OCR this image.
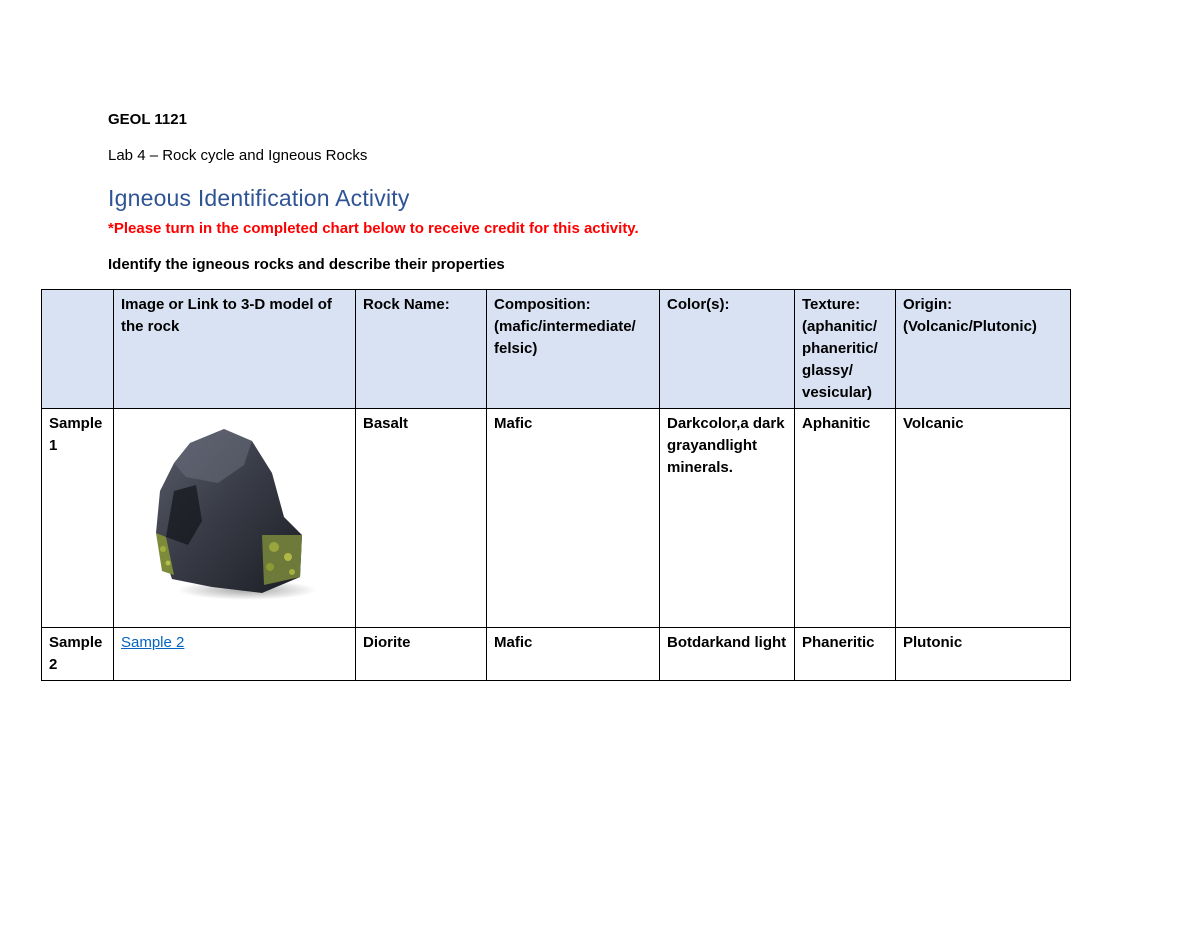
GEOL 1121
Lab 4 – Rock cycle and Igneous Rocks
Igneous Identification Activity
*Please turn in the completed chart below to receive credit for this activity.
Identify the igneous rocks and describe their properties
	Image or Link to 3-D model of the rock	Rock Name:	Composition: (mafic/intermediate/ felsic)	Color(s):	Texture: (aphanitic/ phaneritic/ glassy/ vesicular)	Origin: (Volcanic/Plutonic)
Sample 1		Basalt	Mafic	Darkcolor,a dark grayandlight minerals.	Aphanitic	Volcanic
Sample 2	Sample 2	Diorite	Mafic	Botdarkand light	Phaneritic	Plutonic
